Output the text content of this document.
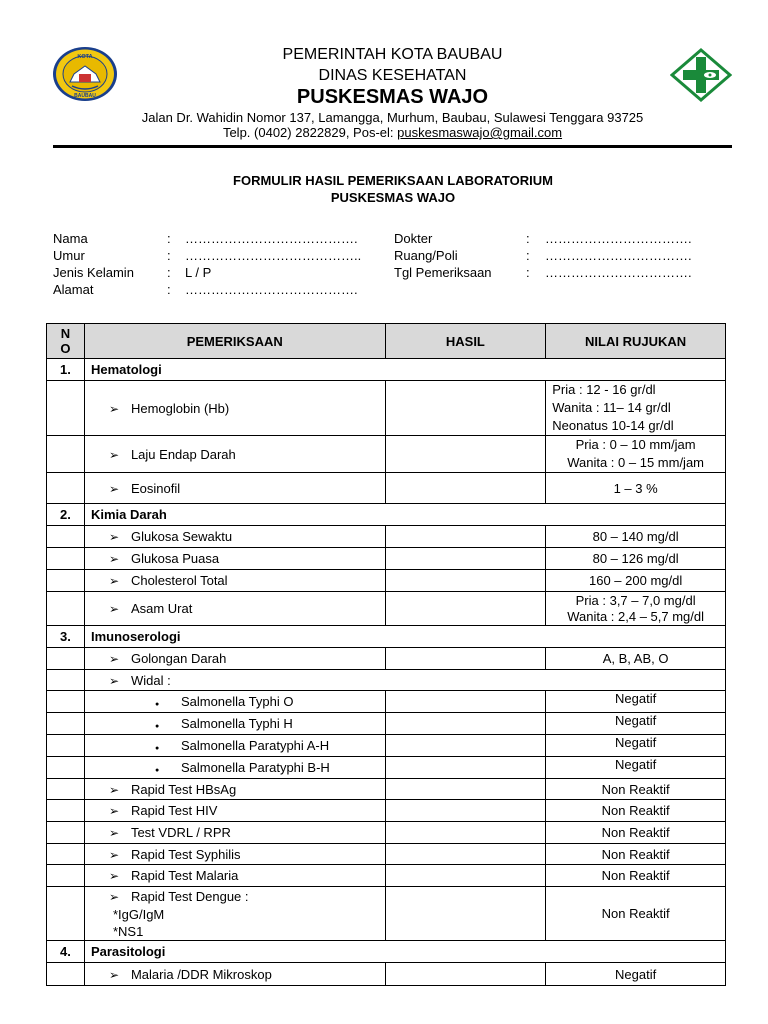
KOTA
BAUBAU
PEMERINTAH KOTA BAUBAU
DINAS KESEHATAN
PUSKESMAS WAJO
Jalan Dr. Wahidin Nomor 137, Lamangga, Murhum, Baubau, Sulawesi Tenggara 93725
Telp. (0402) 2822829, Pos-el: puskesmaswajo@gmail.com
FORMULIR HASIL PEMERIKSAAN LABORATORIUM
PUSKESMAS WAJO
Nama	: ………………………………….
Umur	: …………………………………..
Jenis Kelamin	: L / P
Alamat	: ………………………………….
Dokter	: …………………………….
Ruang/Poli	: …………………………….
Tgl Pemeriksaan	: …………………………….
N
O	PEMERIKSAAN	HASIL	NILAI RUJUKAN
1.	Hematologi		
	➢ Hemoglobin (Hb)		Pria : 12 - 16 gr/dl
Wanita : 11– 14 gr/dl
Neonatus 10-14 gr/dl

	➢ Laju Endap Darah		Pria : 0 – 10 mm/jam
Wanita : 0 – 15 mm/jam

	➢ Eosinofil		1 – 3 %
2.	Kimia Darah		
	➢ Glukosa Sewaktu		80 – 140 mg/dl
	➢ Glukosa Puasa		80 – 126 mg/dl
	➢ Cholesterol Total		160 – 200 mg/dl
	➢ Asam Urat		Pria : 3,7 – 7,0 mg/dl
Wanita : 2,4 – 5,7 mg/dl

3.	Imunoserologi		
	➢ Golongan Darah		A, B, AB, O
	➢ Widal :		
	● Salmonella Typhi O		Negatif
	● Salmonella Typhi H		Negatif
	● Salmonella Paratyphi A-H		Negatif
	● Salmonella Paratyphi B-H		Negatif
	➢ Rapid Test HBsAg		Non Reaktif
	➢ Rapid Test HIV		Non Reaktif
	➢ Test VDRL / RPR		Non Reaktif
	➢ Rapid Test Syphilis		Non Reaktif
	➢ Rapid Test Malaria		Non Reaktif

	➢ Rapid Test Dengue :
*IgG/IgM
*NS1		Non Reaktif
4.	Parasitologi		
	➢ Malaria /DDR Mikroskop		Negatif
